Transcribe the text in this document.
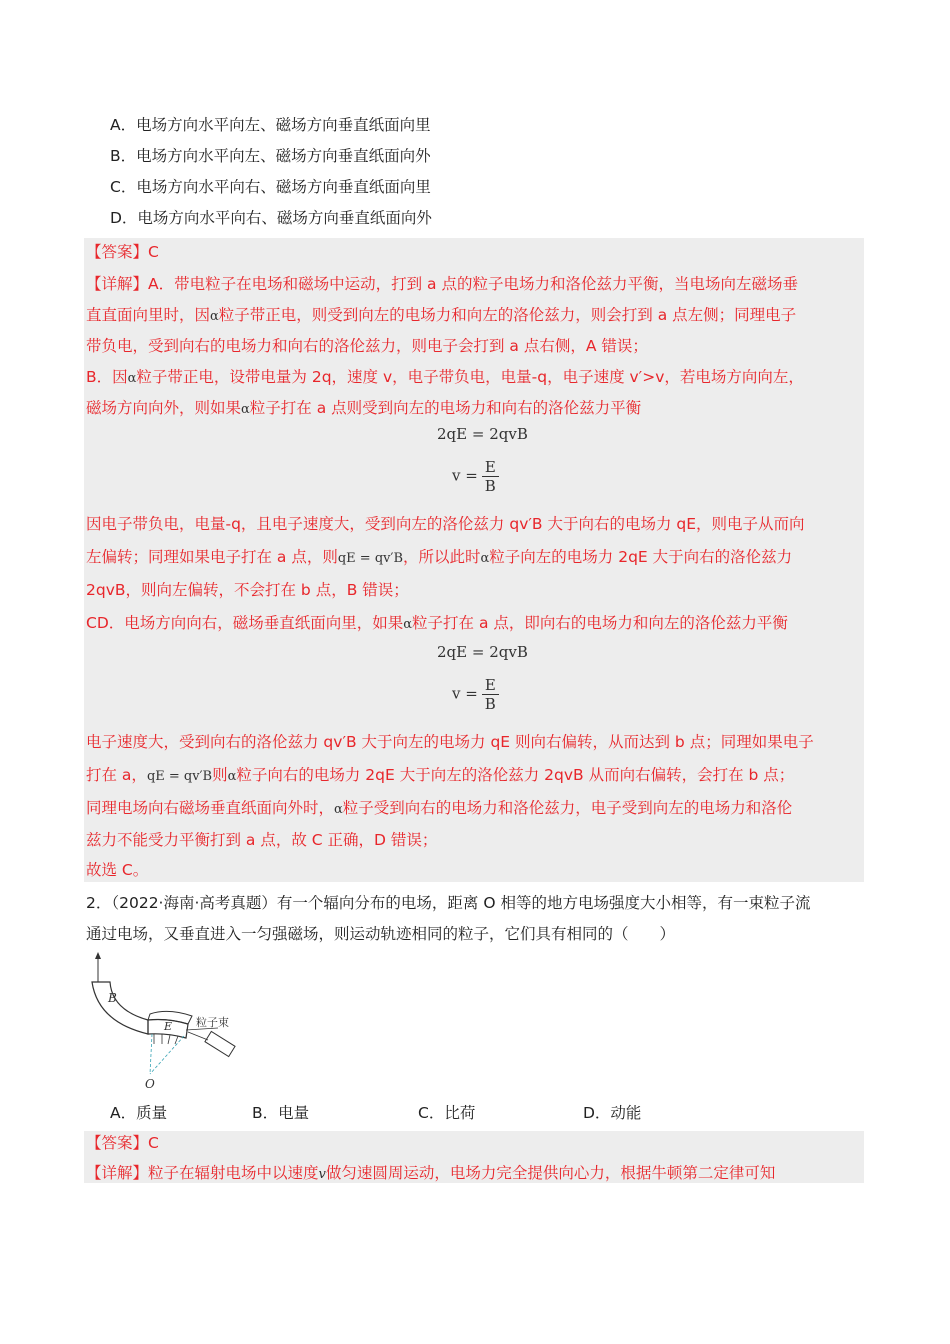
A．电场方向水平向左、磁场方向垂直纸面向里
B．电场方向水平向左、磁场方向垂直纸面向外
C．电场方向水平向右、磁场方向垂直纸面向里
D．电场方向水平向右、磁场方向垂直纸面向外
【答案】C
【详解】A．带电粒子在电场和磁场中运动，打到 a 点的粒子电场力和洛伦兹力平衡，当电场向左磁场垂
直直面向里时，因α粒子带正电，则受到向左的电场力和向左的洛伦兹力，则会打到 a 点左侧；同理电子
带负电，受到向右的电场力和向右的洛伦兹力，则电子会打到 a 点右侧，A 错误；
B．因α粒子带正电，设带电量为 2q，速度 v，电子带负电，电量-q，电子速度 v′>v，若电场方向向左，
磁场方向向外，则如果α粒子打在 a 点则受到向左的电场力和向右的洛伦兹力平衡
2qE = 2qvB
$v = \frac{E}{B}$
因电子带负电，电量-q，且电子速度大，受到向左的洛伦兹力 qv′B 大于向右的电场力 qE，则电子从而向
左偏转；同理如果电子打在 a 点，则qE = qv′B，所以此时α粒子向左的电场力 2qE 大于向右的洛伦兹力
2qvB，则向左偏转，不会打在 b 点，B 错误；
CD．电场方向向右，磁场垂直纸面向里，如果α粒子打在 a 点，即向右的电场力和向左的洛伦兹力平衡
2qE = 2qvB
$v = \frac{E}{B}$
电子速度大，受到向右的洛伦兹力 qv′B 大于向左的电场力 qE 则向右偏转，从而达到 b 点；同理如果电子
打在 a，qE = qv′B则α粒子向右的电场力 2qE 大于向左的洛伦兹力 2qvB 从而向右偏转，会打在 b 点；
同理电场向右磁场垂直纸面向外时，α粒子受到向右的电场力和洛伦兹力，电子受到向左的电场力和洛伦
兹力不能受力平衡打到 a 点，故 C 正确，D 错误；
故选 C。
2．（2022·海南·高考真题）有一个辐向分布的电场，距离 O 相等的地方电场强度大小相等，有一束粒子流
通过电场，又垂直进入一匀强磁场，则运动轨迹相同的粒子，它们具有相同的（　　）
B
E 粒子束
O
A．质量	B．电量	C．比荷	D．动能
【答案】C
【详解】粒子在辐射电场中以速度v做匀速圆周运动，电场力完全提供向心力，根据牛顿第二定律可知
